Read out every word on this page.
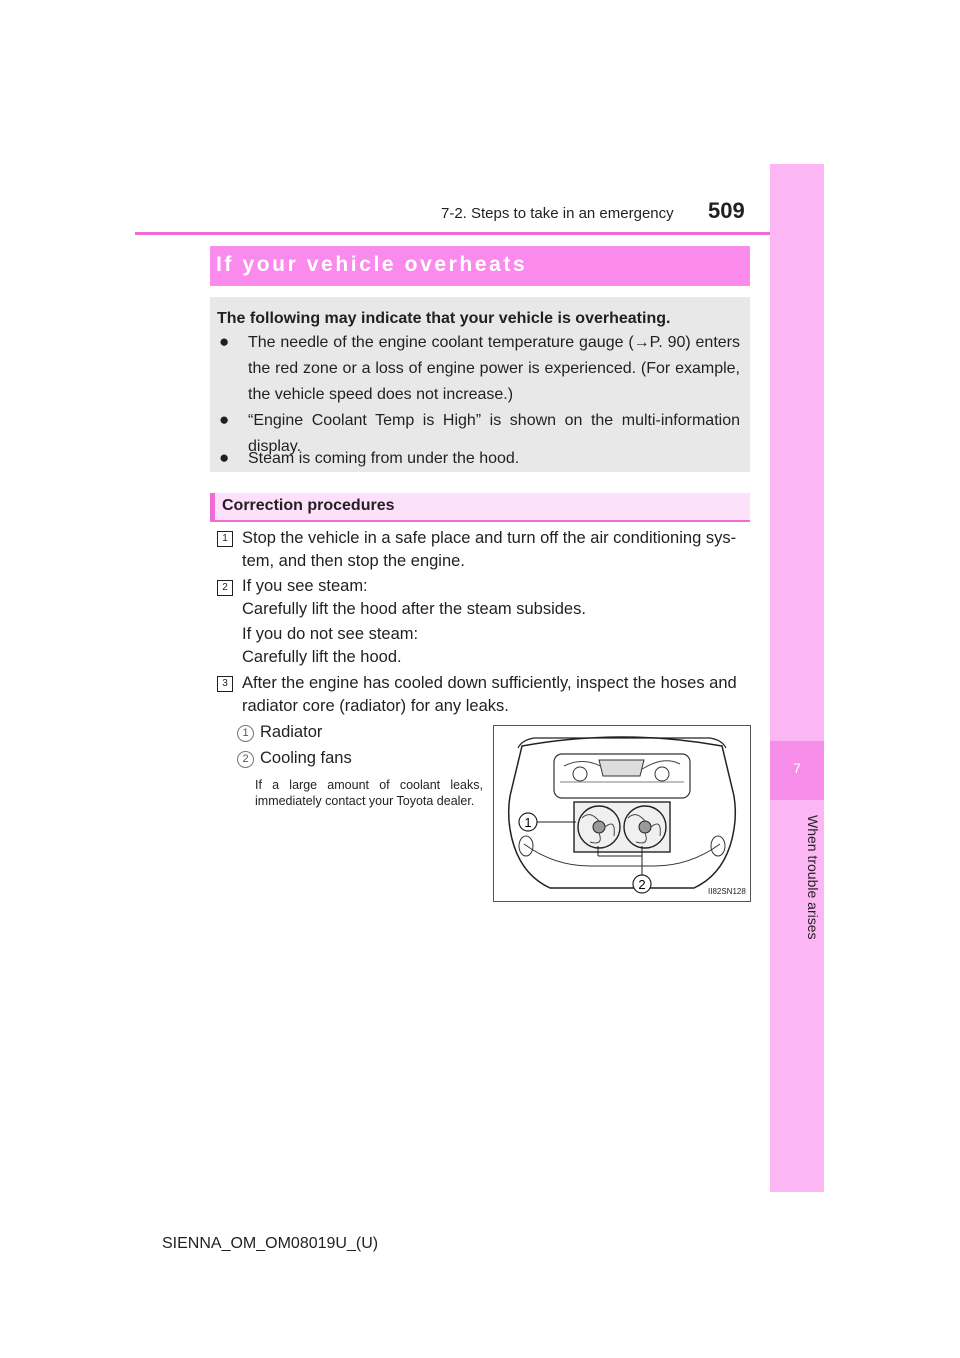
7-2. Steps to take in an emergency 509
7
When trouble arises
If your vehicle overheats
The following may indicate that your vehicle is overheating.
● The needle of the engine coolant temperature gauge (→P. 90) enters the red zone or a loss of engine power is experienced. (For example, the vehicle speed does not increase.)
● “Engine Coolant Temp is High” is shown on the multi-information display.
● Steam is coming from under the hood.
Correction procedures
1 Stop the vehicle in a safe place and turn off the air conditioning sys-
tem, and then stop the engine.
2 If you see steam:
Carefully lift the hood after the steam subsides.
If you do not see steam:
Carefully lift the hood.
3 After the engine has cooled down sufficiently, inspect the hoses and
radiator core (radiator) for any leaks.
1 Radiator
2 Cooling fans
If a large amount of coolant leaks, immediately contact your Toyota dealer.
1
2	II82SN128
SIENNA_OM_OM08019U_(U)
